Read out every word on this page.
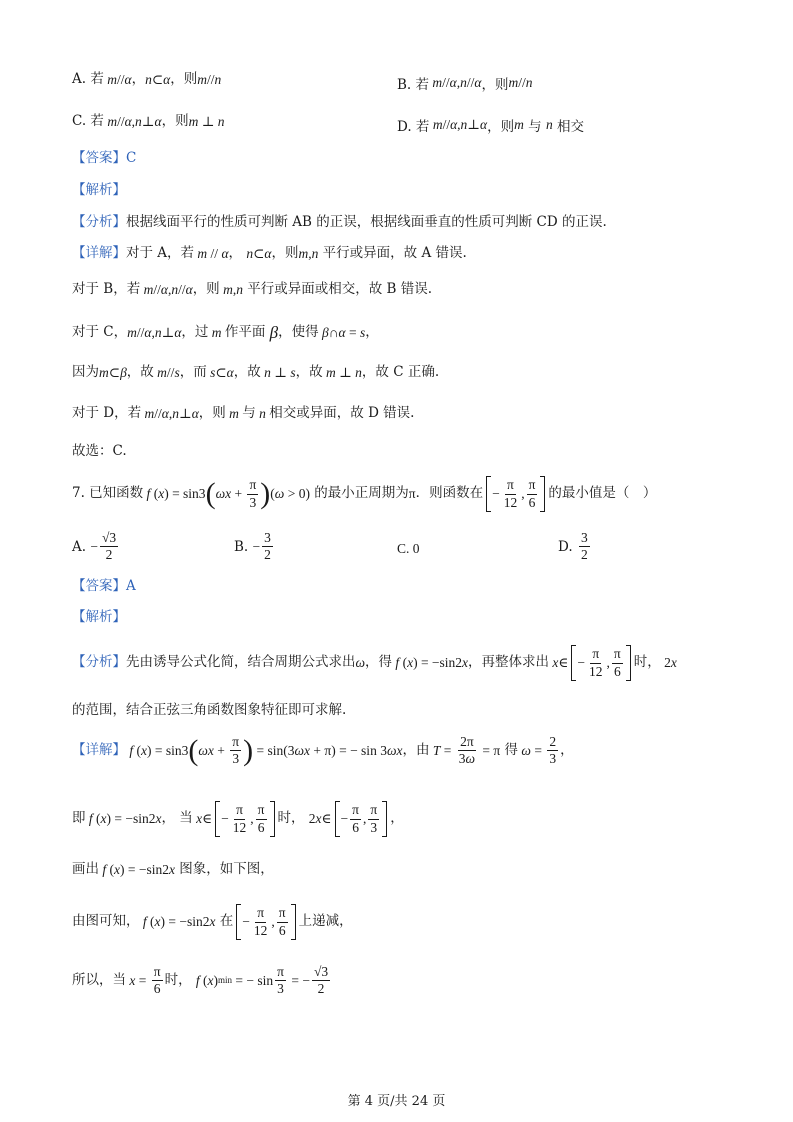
A. 若 m // α ， n ⊂ α ，则 m // n	B. 若 m // α , n // α ，则 m // n
C. 若 m // α , n ⊥ α ，则 m ⊥ n	D. 若 m // α , n ⊥ α ，则 m 与 n 相交
【答案】C
【解析】
【分析】 根据线面平行的性质可判断 AB 的正误，根据线面垂直的性质可判断 CD 的正误.
【详解】 对于 A，若 m // α ， n ⊂ α ，则 m , n 平行或异面，故 A 错误.
对于 B，若 m // α , n // α ，则 m , n 平行或异面或相交，故 B 错误.
对于 C， m // α , n ⊥ α ，过 m 作平面 β ，使得 β ∩ α = s ，
因为 m ⊂ β ，故 m // s ，而 s ⊂ α ，故 n ⊥ s ，故 m ⊥ n ，故 C 正确.
对于 D，若 m // α , n ⊥ α ，则 m 与 n 相交或异面，故 D 错误.
故选：C.
7. 已知函数 f ( x ) = sin3 ( $\omega x + \frac{\pi}{3}$ ) ( ω > 0) 的最小正周期为 π ．则函数在 − $\frac{\pi}{12}$ , $\frac{\pi}{6}$ 的最小值是（　）
A. − $\frac{√3}{2}$	B. − $\frac{3}{2}$	C. 0	D. $\frac{3}{2}$
【答案】A
【解析】
【分析】 先由诱导公式化简，结合周期公式求出 ω ，得 f ( x ) = −sin2 x ，再整体求出 x ∈ − $\frac{\pi}{12}$ , $\frac{\pi}{6}$ 时， 2 x
的范围，结合正弦三角函数图象特征即可求解.
【详解】 f ( x ) = sin3 ( $\omega x + \frac{\pi}{3}$ ) = sin(3 ωx + π) = − sin 3 ωx ，由 $T = \frac{2\pi}{3\omega} = \pi$ 得 $\omega = \frac{2}{3}$ ，
即 f ( x ) = −sin2 x ， 当 x ∈ − $\frac{\pi}{12}$ , $\frac{\pi}{6}$ 时， 2 x ∈ − $\frac{\pi}{6}$ , $\frac{\pi}{3}$ ，
画出 f ( x ) = −sin2 x 图象，如下图，
由图可知， f ( x ) = −sin2 x 在 − $\frac{\pi}{12}$ , $\frac{\pi}{6}$ 上递减，
所以，当 $x = \frac{\pi}{6}$ 时， f ( x ) min = − $\sin \frac{\pi}{3}$ = − $\frac{√3}{2}$
第 4 页/共 24 页
